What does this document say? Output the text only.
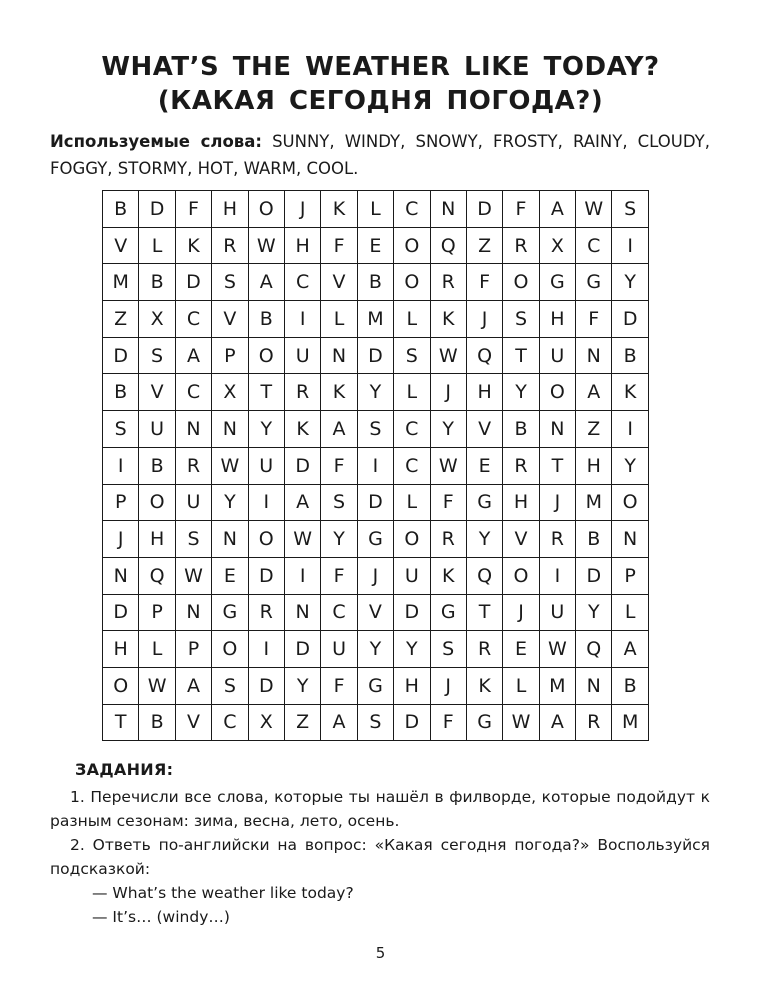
WHAT’S THE WEATHER LIKE TODAY?
(КАКАЯ СЕГОДНЯ ПОГОДА?)
Используемые слова: SUNNY, WINDY, SNOWY, FROSTY, RAINY, CLOUDY, FOGGY, STORMY, HOT, WARM, COOL.
B	D	F	H	O	J	K	L	C	N	D	F	A	W	S
V	L	K	R	W	H	F	E	O	Q	Z	R	X	C	I
M	B	D	S	A	C	V	B	O	R	F	O	G	G	Y
Z	X	C	V	B	I	L	M	L	K	J	S	H	F	D
D	S	A	P	O	U	N	D	S	W	Q	T	U	N	B
B	V	C	X	T	R	K	Y	L	J	H	Y	O	A	K
S	U	N	N	Y	K	A	S	C	Y	V	B	N	Z	I
I	B	R	W	U	D	F	I	C	W	E	R	T	H	Y
P	O	U	Y	I	A	S	D	L	F	G	H	J	M	O
J	H	S	N	O	W	Y	G	O	R	Y	V	R	B	N
N	Q	W	E	D	I	F	J	U	K	Q	O	I	D	P
D	P	N	G	R	N	C	V	D	G	T	J	U	Y	L
H	L	P	O	I	D	U	Y	Y	S	R	E	W	Q	A
O	W	A	S	D	Y	F	G	H	J	K	L	M	N	B
T	B	V	C	X	Z	A	S	D	F	G	W	A	R	M
ЗАДАНИЯ:
1. Перечисли все слова, которые ты нашёл в филворде, которые подойдут к разным сезонам: зима, весна, лето, осень.
2. Ответь по-английски на вопрос: «Какая сегодня погода?» Воспользуйся подсказкой:
— What’s the weather like today?
— It’s… (windy…)
5
